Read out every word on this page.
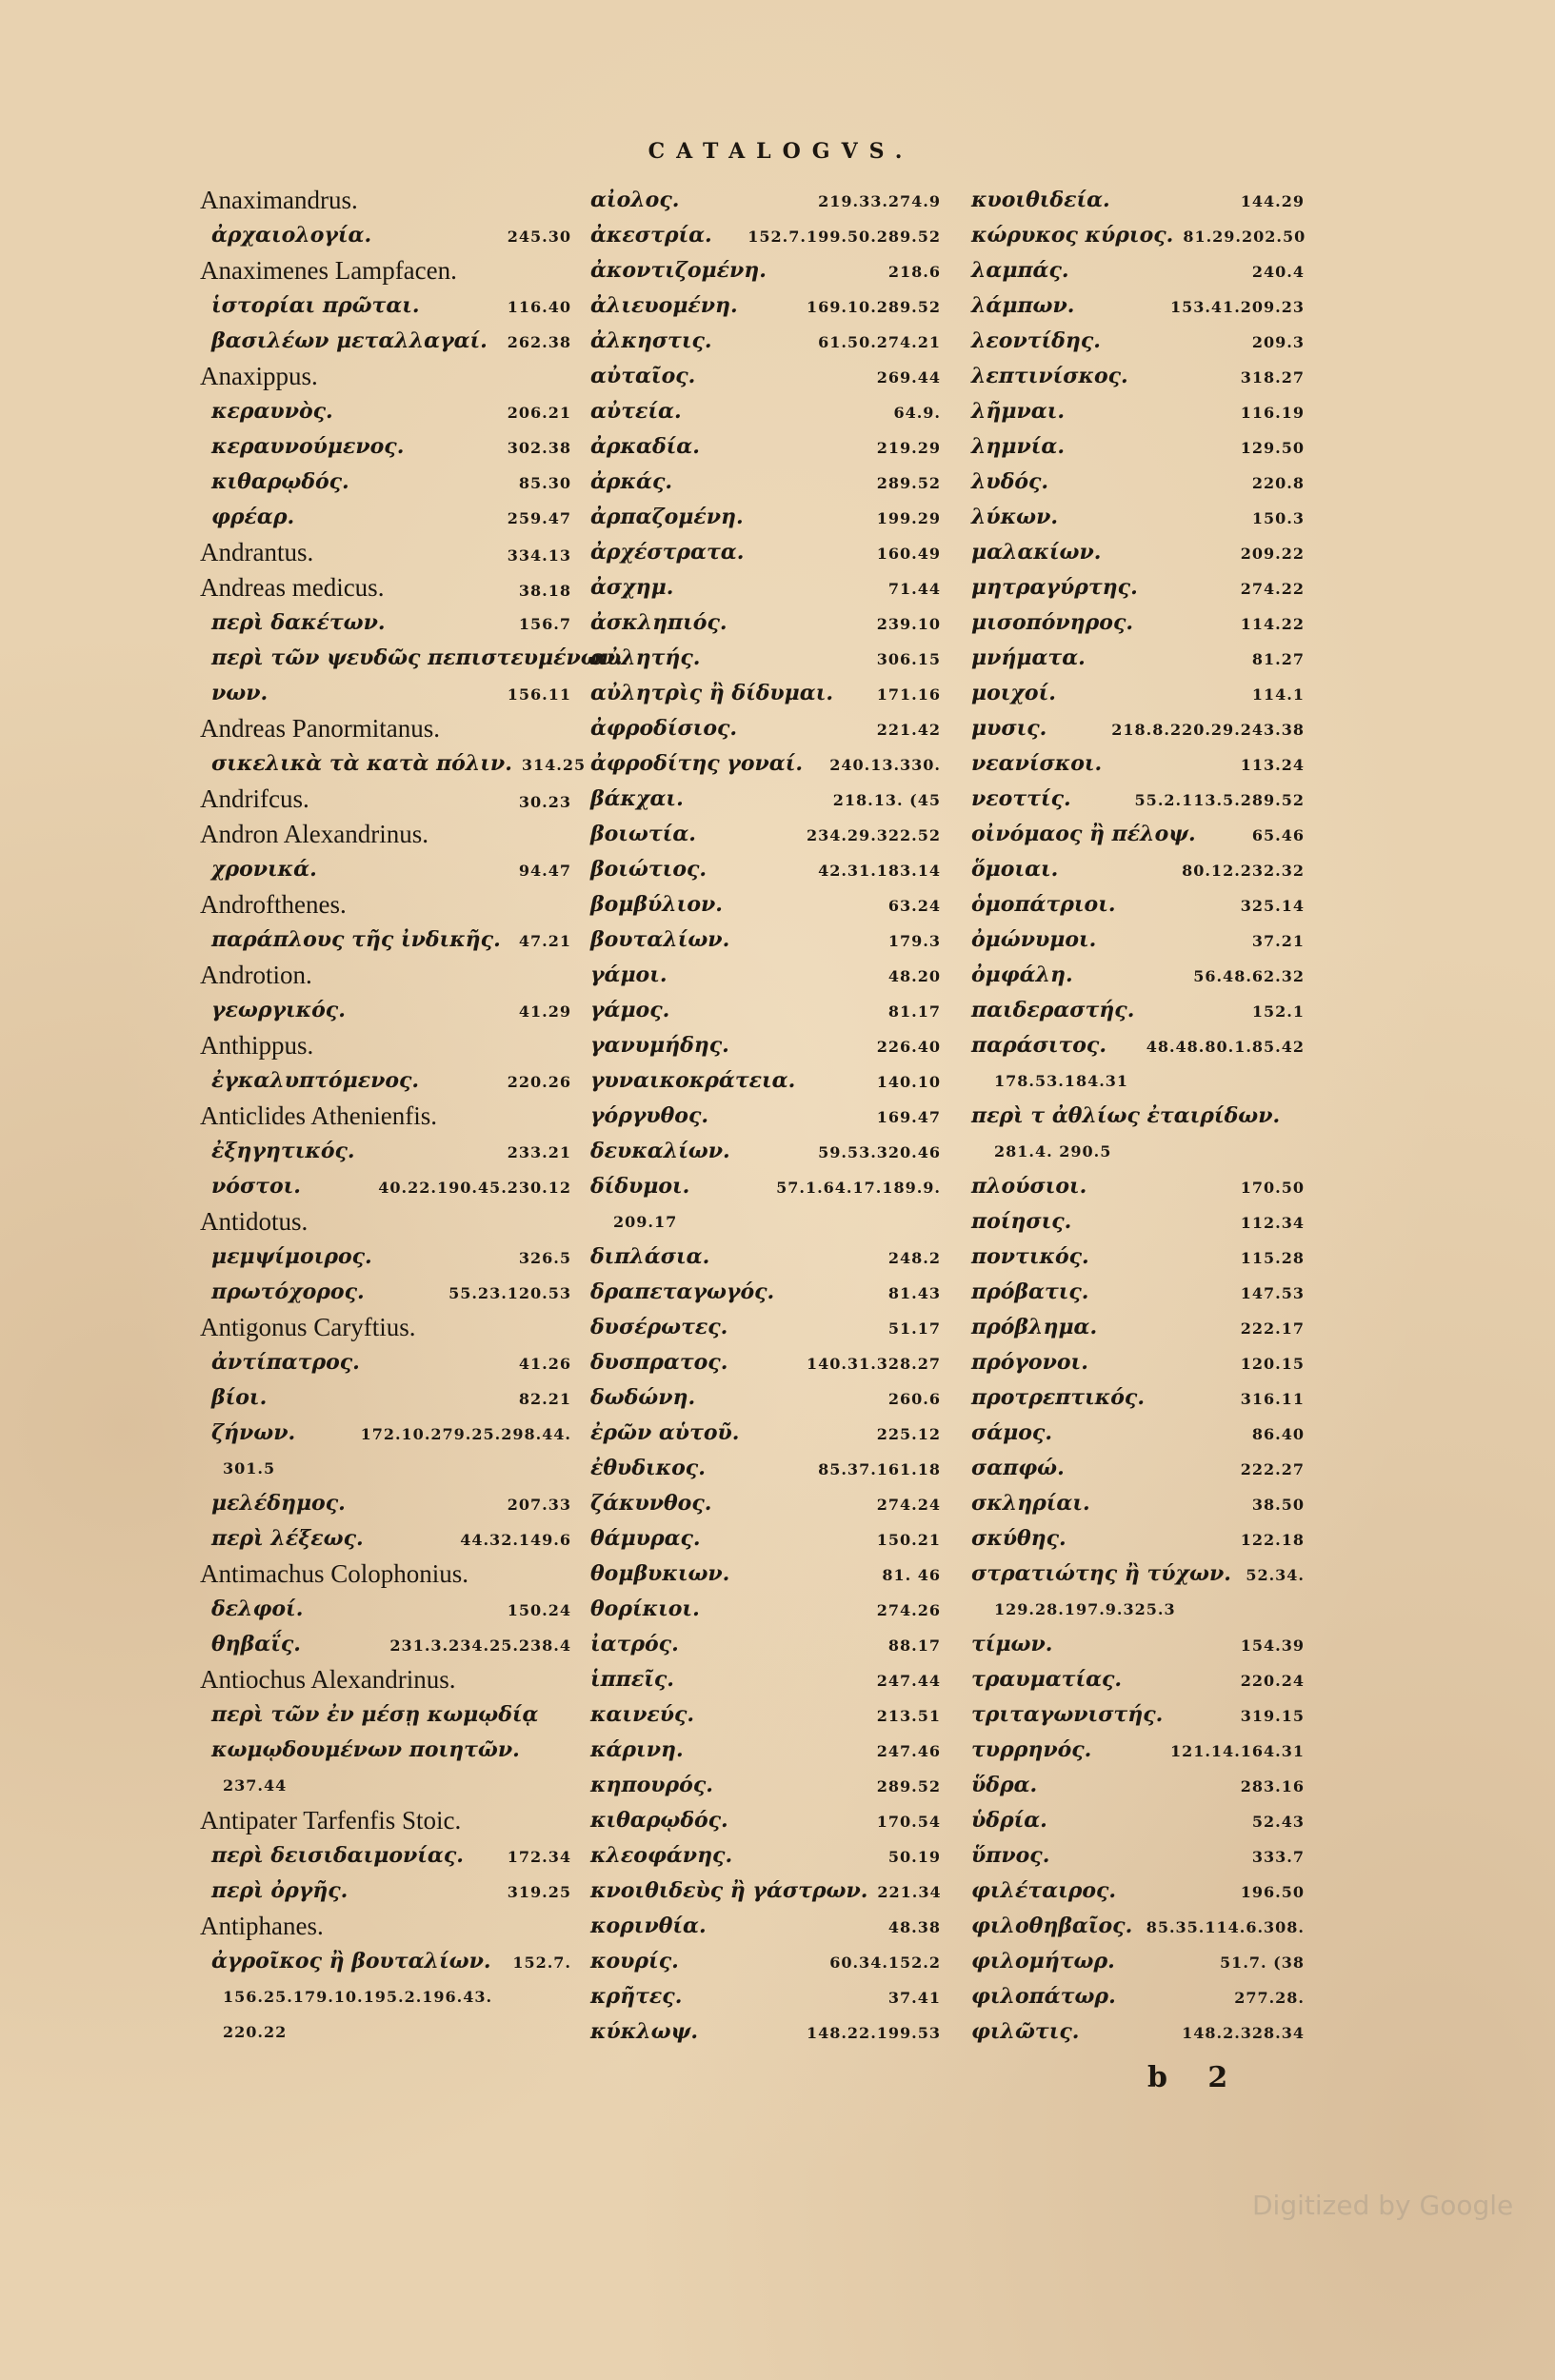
CATALOGVS.
Anaximandrus.
ἀρχαιολογία.	245.30
Anaximenes Lampfacen.
ἱστορίαι πρῶται.	116.40
βασιλέων μεταλλαγαί. 262.38
Anaxippus.
κεραυνὸς.	206.21
κεραυνούμενος.	302.38
κιθαρῳδός.	85.30
φρέαρ.	259.47
Andrantus.	334.13
Andreas medicus.	38.18
περὶ δακέτων.	156.7
περὶ τῶν ψευδῶς πεπιστευμένων.
νων.	156.11
Andreas Panormitanus.
σικελικὰ τὰ κατὰ πόλιν. 314.25
Andrifcus.	30.23
Andron Alexandrinus.
χρονικά.	94.47
Androfthenes.
παράπλους τῆς ἰνδικῆς. 47.21
Androtion.
γεωργικός.	41.29
Anthippus.
ἐγκαλυπτόμενος.	220.26
Anticlides Athenienfis.
ἐξηγητικός.	233.21
νόστοι.	40.22.190.45.230.12
Antidotus.
μεμψίμοιρος.	326.5
πρωτόχορος.	55.23.120.53
Antigonus Caryftius.
ἀντίπατρος.	41.26
βίοι.	82.21
ζήνων.	172.10.279.25.298.44.
301.5
μελέδημος.	207.33
περὶ λέξεως.	44.32.149.6
Antimachus Colophonius.
δελφοί.	150.24
θηβαΐς.	231.3.234.25.238.4
Antiochus Alexandrinus.
περὶ τῶν ἐν μέσῃ κωμῳδίᾳ
κωμῳδουμένων ποιητῶν.
237.44
Antipater Tarfenfis Stoic.
περὶ δεισιδαιμονίας.	172.34
περὶ ὀργῆς.	319.25
Antiphanes.
ἀγροῖκος ἢ βουταλίων. 152.7.
156.25.179.10.195.2.196.43.
220.22
αἰολος.	219.33.274.9
ἀκεστρία. 152.7.199.50.289.52
ἀκοντιζομένη.	218.6
ἀλιευομένη.	169.10.289.52
ἀλκηστις.	61.50.274.21
αὐταῖος.	269.44
αὐτεία.	64.9.
ἀρκαδία.	219.29
ἀρκάς.	289.52
ἀρπαζομένη.	199.29
ἀρχέστρατα.	160.49
ἀσχημ.	71.44
ἀσκληπιός.	239.10
αὐλητής.	306.15
αὐλητρὶς ἢ δίδυμαι.	171.16
ἀφροδίσιος.	221.42
ἀφροδίτης γοναί. 240.13.330.
βάκχαι.	218.13. (45
βοιωτία.	234.29.322.52
βοιώτιος.	42.31.183.14
βομβύλιον.	63.24
βουταλίων.	179.3
γάμοι.	48.20
γάμος.	81.17
γανυμήδης.	226.40
γυναικοκράτεια.	140.10
γόργυθος.	169.47
δευκαλίων.	59.53.320.46
δίδυμοι.	57.1.64.17.189.9.
209.17
διπλάσια.	248.2
δραπεταγωγός.	81.43
δυσέρωτες.	51.17
δυσπρατος.	140.31.328.27
δωδώνη.	260.6
ἐρῶν αὑτοῦ.	225.12
ἐθυδικος.	85.37.161.18
ζάκυνθος.	274.24
θάμυρας.	150.21
θομβυκιων.	81. 46
θορίκιοι.	274.26
ἰατρός.	88.17
ἱππεῖς.	247.44
καινεύς.	213.51
κάρινη.	247.46
κηπουρός.	289.52
κιθαρῳδός.	170.54
κλεοφάνης.	50.19
κνοιθιδεὺς ἢ γάστρων. 221.34
κορινθία.	48.38
κουρίς.	60.34.152.2
κρῆτες.	37.41
κύκλωψ.	148.22.199.53
κυοιθιδεία.	144.29
κώρυκος κύριος. 81.29.202.50
λαμπάς.	240.4
λάμπων.	153.41.209.23
λεοντίδης.	209.3
λεπτινίσκος.	318.27
λῆμναι.	116.19
λημνία.	129.50
λυδός.	220.8
λύκων.	150.3
μαλακίων.	209.22
μητραγύρτης.	274.22
μισοπόνηρος.	114.22
μνήματα.	81.27
μοιχοί.	114.1
μυσις.	218.8.220.29.243.38
νεανίσκοι.	113.24
νεοττίς.	55.2.113.5.289.52
οἰνόμαος ἢ πέλοψ.	65.46
ὅμοιαι.	80.12.232.32
ὁμοπάτριοι.	325.14
ὀμώνυμοι.	37.21
ὀμφάλη.	56.48.62.32
παιδεραστής.	152.1
παράσιτος.	48.48.80.1.85.42
178.53.184.31
περὶ τ ἀθλίως ἐταιρίδων.
281.4. 290.5
πλούσιοι.	170.50
ποίησις.	112.34
ποντικός.	115.28
πρόβατις.	147.53
πρόβλημα.	222.17
πρόγονοι.	120.15
προτρεπτικός.	316.11
σάμος.	86.40
σαπφώ.	222.27
σκληρίαι.	38.50
σκύθης.	122.18
στρατιώτης ἢ τύχων. 52.34.
129.28.197.9.325.3
τίμων.	154.39
τραυματίας.	220.24
τριταγωνιστής.	319.15
τυρρηνός.	121.14.164.31
ὕδρα.	283.16
ὑδρία.	52.43
ὕπνος.	333.7
φιλέταιρος.	196.50
φιλοθηβαῖος. 85.35.114.6.308.
φιλομήτωρ.	51.7. (38
φιλοπάτωρ.	277.28.
φιλῶτις.	148.2.328.34
b 2
Digitized by Google
